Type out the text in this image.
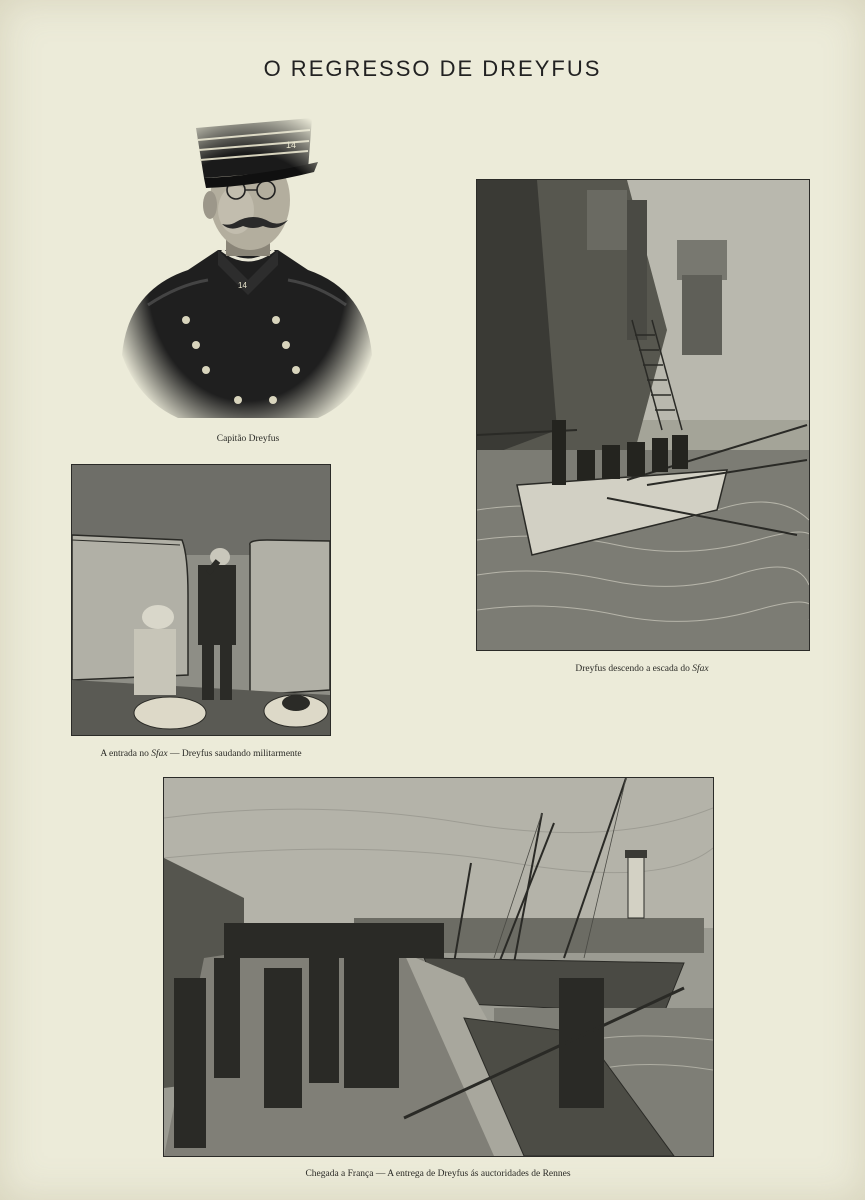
O REGRESSO DE DREYFUS
Capitão Dreyfus
Dreyfus descendo a escada do Sfax
A entrada no Sfax — Dreyfus saudando militarmente
Chegada a França — A entrega de Dreyfus ás auctoridades de Rennes
